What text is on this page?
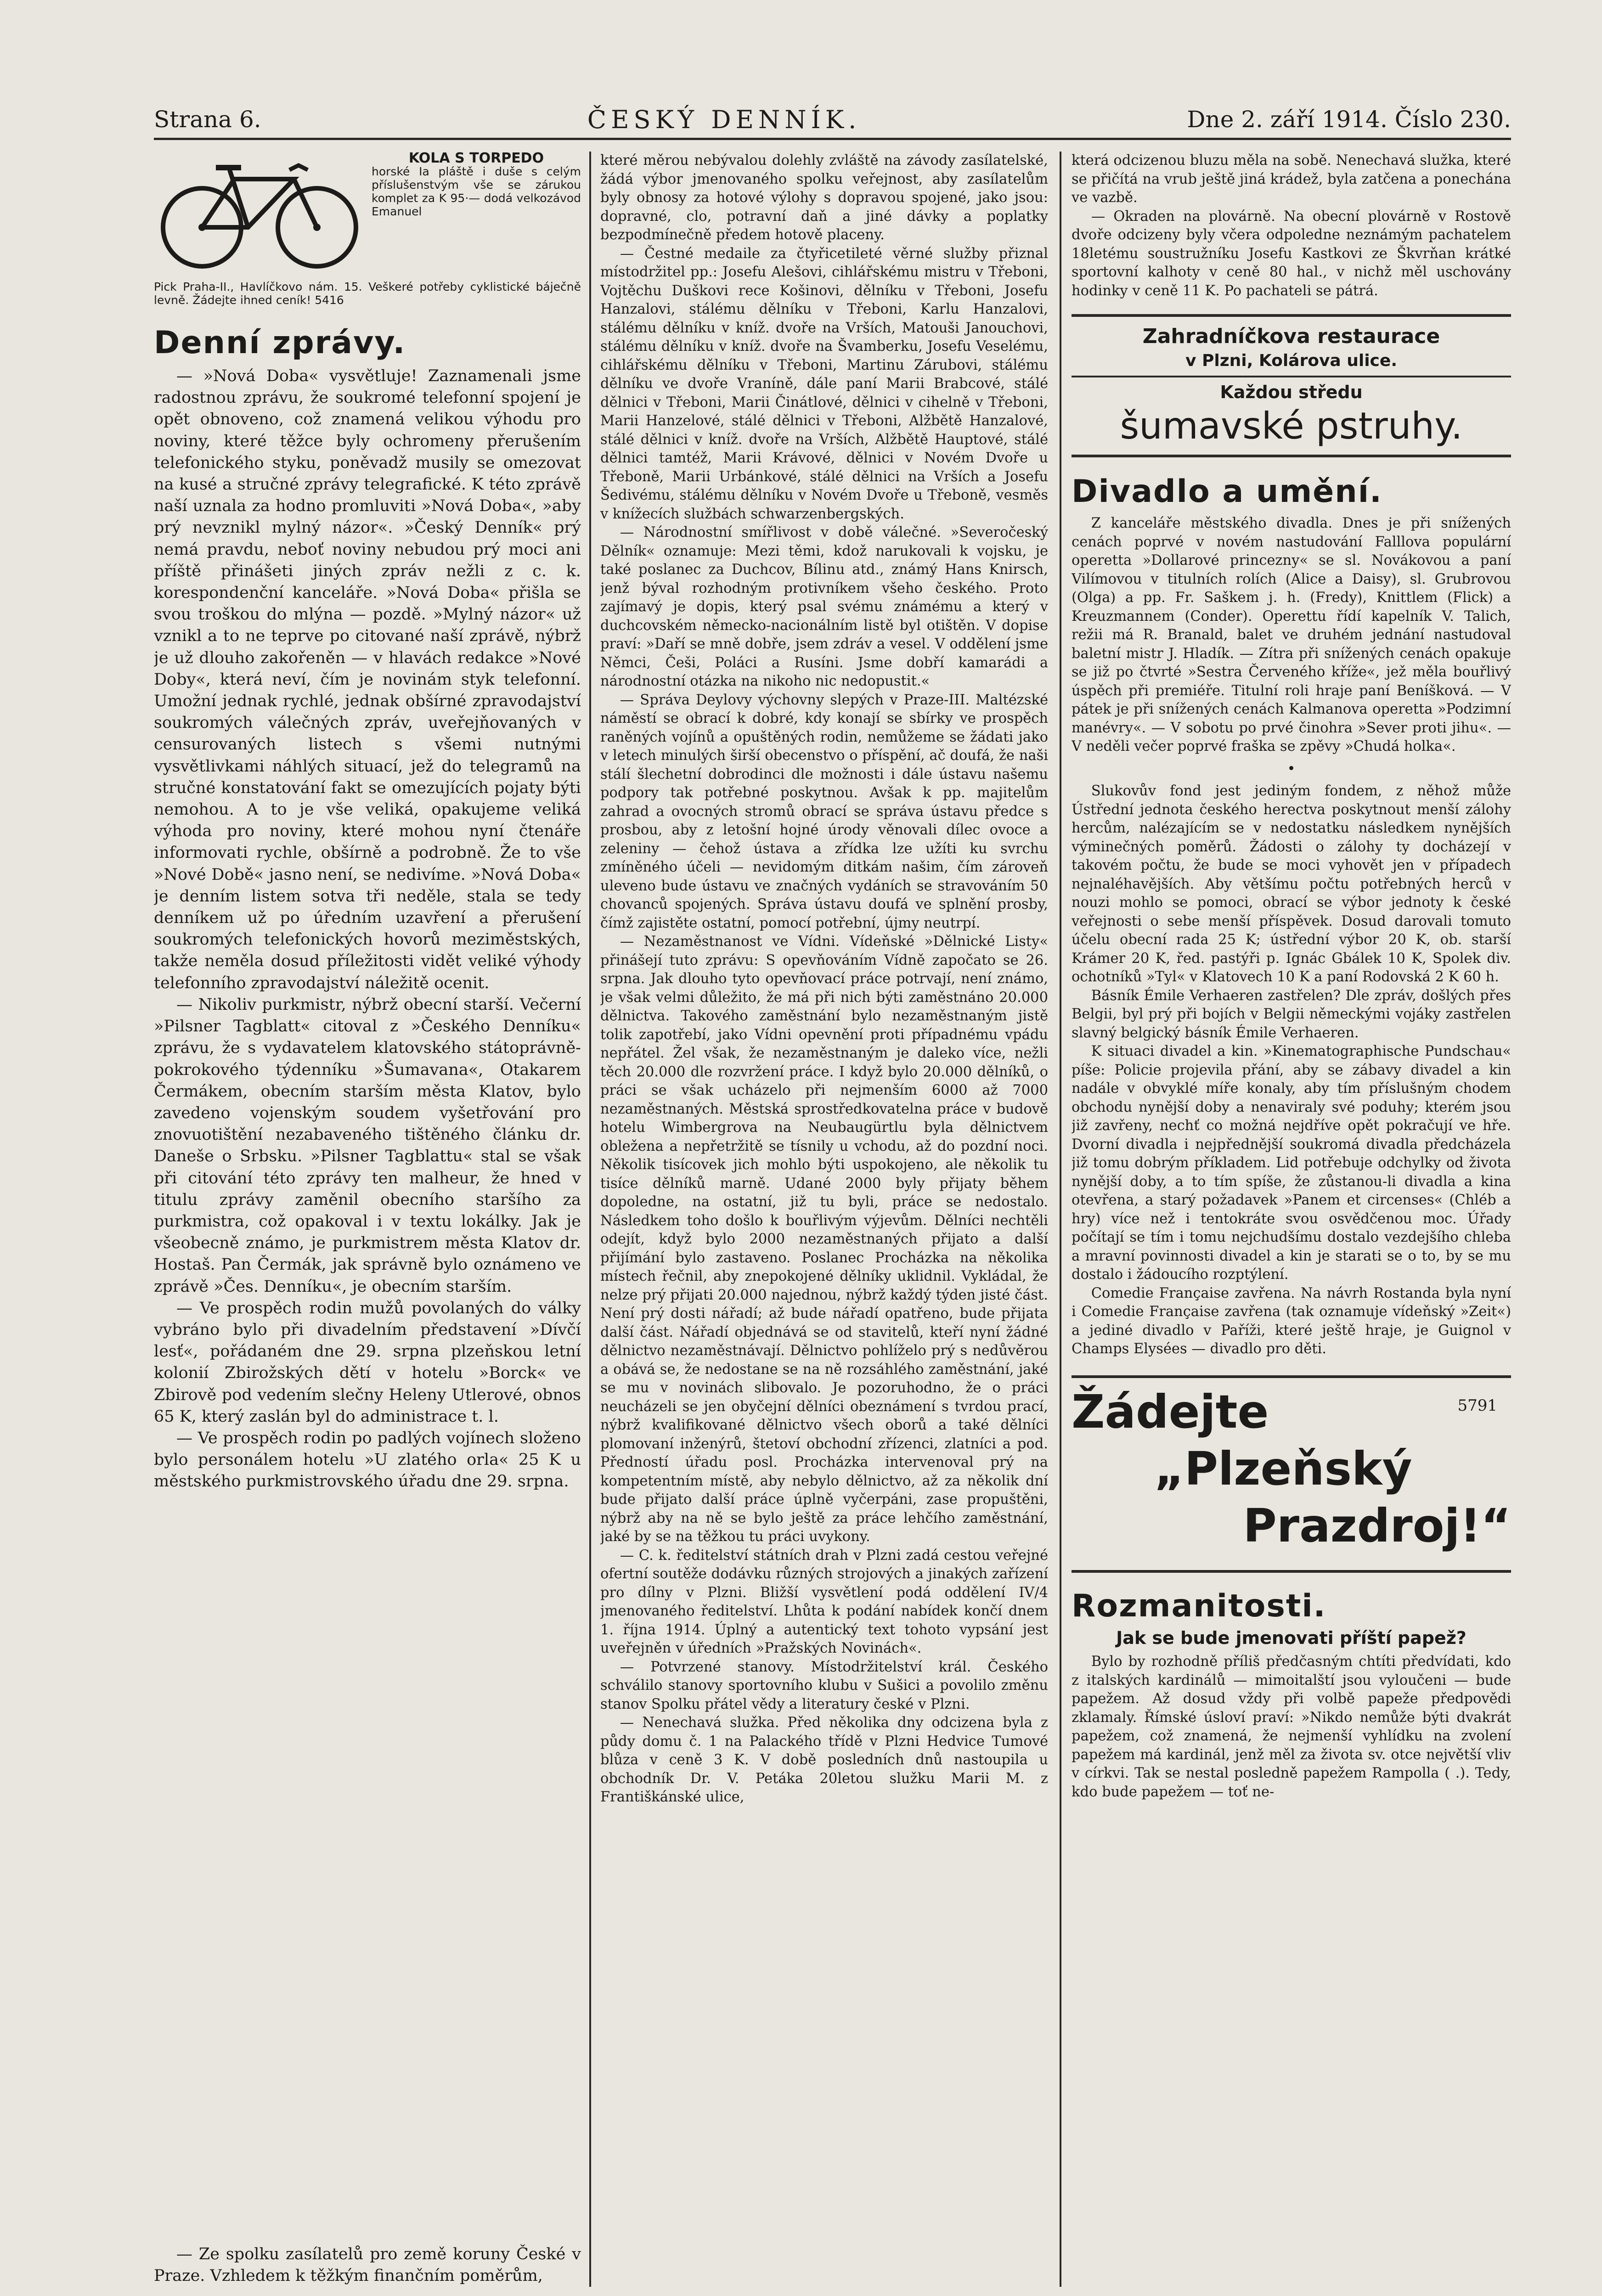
Strana 6.	ČESKÝ DENNÍK.	Dne 2. září 1914. Číslo 230.
KOLA S TORPEDO
horské Ia pláště i duše s celým příslušenstvým vše se zárukou komplet za K 95·— dodá velkozávod Emanuel
Pick Praha-II., Havlíčkovo nám. 15. Veškeré potřeby cyklistické báječně levně. Žádejte ihned ceník! 5416
Denní zprávy.

— »Nová Doba« vysvětluje! Zaznamenali jsme radostnou zprávu, že soukromé telefonní spojení je opět obnoveno, což znamená velikou výhodu pro noviny, které těžce byly ochromeny přerušením telefonického styku, poněvadž musily se omezovat na kusé a stručné zprávy telegrafické. K této zprávě naší uznala za hodno promluviti »Nová Doba«, »aby prý nevznikl mylný názor«. »Český Denník« prý nemá pravdu, neboť noviny nebudou prý moci ani příště přinášeti jiných zpráv nežli z c. k. korespondenční kanceláře. »Nová Doba« přišla se svou troškou do mlýna — pozdě. »Mylný názor« už vznikl a to ne teprve po citované naší zprávě, nýbrž je už dlouho zakořeněn — v hlavách redakce »Nové Doby«, která neví, čím je novinám styk telefonní. Umožní jednak rychlé, jednak obšírné zpravodajství soukromých válečných zpráv, uveřejňovaných v censurovaných listech s všemi nutnými vysvětlivkami náhlých situací, jež do telegramů na stručné konstatování fakt se omezujících pojaty býti nemohou. A to je vše veliká, opakujeme veliká výhoda pro noviny, které mohou nyní čtenáře informovati rychle, obšírně a podrobně. Že to vše »Nové Době« jasno není, se nedivíme. »Nová Doba« je denním listem sotva tři neděle, stala se tedy denníkem už po úředním uzavření a přerušení soukromých telefonických hovorů meziměstských, takže neměla dosud příležitosti vidět veliké výhody telefonního zpravodajství náležitě ocenit.

— Nikoliv purkmistr, nýbrž obecní starší. Večerní »Pilsner Tagblatt« citoval z »Českého Denníku« zprávu, že s vydavatelem klatovského státoprávně-pokrokového týdenníku »Šumavana«, Otakarem Čermákem, obecním starším města Klatov, bylo zavedeno vojenským soudem vyšetřování pro znovuotištění nezabaveného tištěného článku dr. Daneše o Srbsku. »Pilsner Tagblattu« stal se však při citování této zprávy ten malheur, že hned v titulu zprávy zaměnil obecního staršího za purkmistra, což opakoval i v textu lokálky. Jak je všeobecně známo, je purkmistrem města Klatov dr. Hostaš. Pan Čermák, jak správně bylo oznámeno ve zprávě »Čes. Denníku«, je obecním starším.

— Ve prospěch rodin mužů povolaných do války vybráno bylo při divadelním představení »Dívčí lesť«, pořádaném dne 29. srpna plzeňskou letní kolonií Zbirožských dětí v hotelu »Borck« ve Zbirově pod vedením slečny Heleny Utlerové, obnos 65 K, který zaslán byl do administrace t. l.

— Ve prospěch rodin po padlých vojínech složeno bylo personálem hotelu »U zlatého orla« 25 K u městského purkmistrovského úřadu dne 29. srpna.

— Ze spolku zasílatelů pro země koruny České v Praze. Vzhledem k těžkým finančním poměrům,

které měrou nebývalou dolehly zvláště na závody zasílatelské, žádá výbor jmenovaného spolku veřejnost, aby zasílatelům byly obnosy za hotové výlohy s dopravou spojené, jako jsou: dopravné, clo, potravní daň a jiné dávky a poplatky bezpodmínečně předem hotově placeny.

— Čestné medaile za čtyřicetileté věrné služby přiznal místodržitel pp.: Josefu Alešovi, cihlářskému mistru v Třeboni, Vojtěchu Duškovi rece Košinovi, dělníku v Třeboni, Josefu Hanzalovi, stálému dělníku v Třeboni, Karlu Hanzalovi, stálému dělníku v kníž. dvoře na Vrších, Matouši Janouchovi, stálému dělníku v kníž. dvoře na Švamberku, Josefu Veselému, cihlářskému dělníku v Třeboni, Martinu Zárubovi, stálému dělníku ve dvoře Vraníně, dále paní Marii Brabcové, stálé dělnici v Třeboni, Marii Činátlové, dělnici v cihelně v Třeboni, Marii Hanzelové, stálé dělnici v Třeboni, Alžbětě Hanzalové, stálé dělnici v kníž. dvoře na Vrších, Alžbětě Hauptové, stálé dělnici tamtéž, Marii Krávové, dělnici v Novém Dvoře u Třeboně, Marii Urbánkové, stálé dělnici na Vrších a Josefu Šedivému, stálému dělníku v Novém Dvoře u Třeboně, vesměs v knížecích službách schwarzenbergských.

— Národnostní smířlivost v době válečné. »Severočeský Dělník« oznamuje: Mezi těmi, kdož narukovali k vojsku, je také poslanec za Duchcov, Bílinu atd., známý Hans Knirsch, jenž býval rozhodným protivníkem všeho českého. Proto zajímavý je dopis, který psal svému známému a který v duchcovském německo-nacionálním listě byl otištěn. V dopise praví: »Daří se mně dobře, jsem zdráv a vesel. V oddělení jsme Němci, Češi, Poláci a Rusíni. Jsme dobří kamarádi a národnostní otázka na nikoho nic nedopustit.«

— Správa Deylovy výchovny slepých v Praze-III. Maltézské náměstí se obrací k dobré, kdy konají se sbírky ve prospěch raněných vojínů a opuštěných rodin, nemůžeme se žádati jako v letech minulých širší obecenstvo o příspění, ač doufá, že naši stálí šlechetní dobrodinci dle možnosti i dále ústavu našemu podpory tak potřebné poskytnou. Avšak k pp. majitelům zahrad a ovocných stromů obrací se správa ústavu předce s prosbou, aby z letošní hojné úrody věnovali dílec ovoce a zeleniny — čehož ústava a zřídka lze užíti ku svrchu zmíněného účeli — nevidomým ditkám našim, čím zároveň uleveno bude ústavu ve značných vydáních se stravováním 50 chovanců spojených. Správa ústavu doufá ve splnění prosby, čímž zajistěte ostatní, pomocí potřební, újmy neutrpí.

— Nezaměstnanost ve Vídni. Vídeňské »Dělnické Listy« přinášejí tuto zprávu: S opevňováním Vídně započato se 26. srpna. Jak dlouho tyto opevňovací práce potrvají, není známo, je však velmi důležito, že má při nich býti zaměstnáno 20.000 dělnictva. Takového zaměstnání bylo nezaměstnaným jistě tolik zapotřebí, jako Vídni opevnění proti případnému vpádu nepřátel. Žel však, že nezaměstnaným je daleko více, nežli těch 20.000 dle rozvržení práce. I když bylo 20.000 dělníků, o práci se však ucházelo při nejmenším 6000 až 7000 nezaměstnaných. Městská sprostředkovatelna práce v budově hotelu Wimbergrova na Neubaugürtlu byla dělnictvem obležena a nepřetržitě se tísnily u vchodu, až do pozdní noci. Několik tisícovek jich mohlo býti uspokojeno, ale několik tu tisíce dělníků marně. Udané 2000 byly přijaty během dopoledne, na ostatní, již tu byli, práce se nedostalo. Následkem toho došlo k bouřlivým výjevům. Dělníci nechtěli odejít, když bylo 2000 nezaměstnaných přijato a další přijímání bylo zastaveno. Poslanec Procházka na několika místech řečnil, aby znepokojené dělníky uklidnil. Vykládal, že nelze prý přijati 20.000 najednou, nýbrž každý týden jisté část. Není prý dosti nářadí; až bude nářadí opatřeno, bude přijata další část. Nářadí objednává se od stavitelů, kteří nyní žádné dělnictvo nezaměstnávají. Dělnictvo pohlíželo prý s nedůvěrou a obává se, že nedostane se na ně rozsáhlého zaměstnání, jaké se mu v novinách slibovalo. Je pozoruhodno, že o práci neucházeli se jen obyčejní dělníci obeznámení s tvrdou prací, nýbrž kvalifikované dělnictvo všech oborů a také dělníci plomovaní inženýrů, štetoví obchodní zřízenci, zlatníci a pod. Předností úřadu posl. Procházka intervenoval prý na kompetentním místě, aby nebylo dělnictvo, až za několik dní bude přijato další práce úplně vyčerpáni, zase propuštěni, nýbrž aby na ně se bylo ještě za práce lehčího zaměstnání, jaké by se na těžkou tu práci uvykony.

— C. k. ředitelství státních drah v Plzni zadá cestou veřejné ofertní soutěže dodávku různých strojových a jinakých zařízení pro dílny v Plzni. Bližší vysvětlení podá oddělení IV/4 jmenovaného ředitelství. Lhůta k podání nabídek končí dnem 1. října 1914. Úplný a autentický text tohoto vypsání jest uveřejněn v úředních »Pražských Novinách«.

— Potvrzené stanovy. Místodržitelství král. Českého schválilo stanovy sportovního klubu v Sušici a povolilo změnu stanov Spolku přátel vědy a literatury české v Plzni.

— Nenechavá služka. Před několika dny odcizena byla z půdy domu č. 1 na Palackého třídě v Plzni Hedvice Tumové blůza v ceně 3 K. V době posledních dnů nastoupila u obchodník Dr. V. Petáka 20letou služku Marii M. z Františkánské ulice,

která odcizenou bluzu měla na sobě. Nenechavá služka, které se přičítá na vrub ještě jiná krádež, byla zatčena a ponechána ve vazbě.

— Okraden na plovárně. Na obecní plovárně v Rostově dvoře odcizeny byly včera odpoledne neznámým pachatelem 18letému soustružníku Josefu Kastkovi ze Škvrňan krátké sportovní kalhoty v ceně 80 hal., v nichž měl uschovány hodinky v ceně 11 K. Po pachateli se pátrá.

Zahradníčkova restaurace
v Plzni, Kolárova ulice.
Každou středu
šumavské pstruhy.
Divadlo a umění.

Z kanceláře městského divadla. Dnes je při snížených cenách poprvé v novém nastudování Falllova populární operetta »Dollarové princezny« se sl. Novákovou a paní Vilímovou v titulních rolích (Alice a Daisy), sl. Grubrovou (Olga) a pp. Fr. Saškem j. h. (Fredy), Knittlem (Flick) a Kreuzmannem (Conder). Operettu řídí kapelník V. Talich, režii má R. Branald, balet ve druhém jednání nastudoval baletní mistr J. Hladík. — Zítra při snížených cenách opakuje se již po čtvrté »Sestra Červeného kříže«, jež měla bouřlivý úspěch při premiéře. Titulní roli hraje paní Beníšková. — V pátek je při snížených cenách Kalmanova operetta »Podzimní manévry«. — V sobotu po prvé činohra »Sever proti jihu«. — V neděli večer poprvé fraška se zpěvy »Chudá holka«.

•

Slukovův fond jest jediným fondem, z něhož může Ústřední jednota českého herectva poskytnout menší zálohy hercům, nalézajícím se v nedostatku následkem nynějších výminečných poměrů. Žádosti o zálohy ty docházejí v takovém počtu, že bude se moci vyhovět jen v případech nejnaléhavějších. Aby většímu počtu potřebných herců v nouzi mohlo se pomoci, obrací se výbor jednoty k české veřejnosti o sebe menší příspěvek. Dosud darovali tomuto účelu obecní rada 25 K; ústřední výbor 20 K, ob. starší Krámer 20 K, řed. pastýři p. Ignác Gbálek 10 K, Spolek div. ochotníků »Tyl« v Klatovech 10 K a paní Rodovská 2 K 60 h.

Básník Émile Verhaeren zastřelen? Dle zpráv, došlých přes Belgii, byl prý při bojích v Belgii německými vojáky zastřelen slavný belgický básník Émile Verhaeren.

K situaci divadel a kin. »Kinematographische Pundschau« píše: Policie projevila přání, aby se zábavy divadel a kin nadále v obvyklé míře konaly, aby tím příslušným chodem obchodu nynější doby a nenaviraly své poduhy; kterém jsou již zavřeny, nechť co možná nejdříve opět pokračují ve hře. Dvorní divadla i nejpřednější soukromá divadla předcházela již tomu dobrým příkladem. Lid potřebuje odchylky od života nynější doby, a to tím spíše, že zůstanou-li divadla a kina otevřena, a starý požadavek »Panem et circenses« (Chléb a hry) více než i tentokráte svou osvědčenou moc. Úřady počítají se tím i tomu nejchudšímu dostalo vezdejšího chleba a mravní povinnosti divadel a kin je starati se o to, by se mu dostalo i žádoucího rozptýlení.

Comedie Française zavřena. Na návrh Rostanda byla nyní i Comedie Française zavřena (tak oznamuje vídeňský »Zeit«) a jediné divadlo v Paříži, které ještě hraje, je Guignol v Champs Elysées — divadlo pro děti.

5791
Žádejte
„Plzeňský
Prazdroj!“
Rozmanitosti.
Jak se bude jmenovati příští papež?

Bylo by rozhodně příliš předčasným chtíti předvídati, kdo z italských kardinálů — mimoitalští jsou vyloučeni — bude papežem. Až dosud vždy při volbě papeže předpovědi zklamaly. Římské úsloví praví: »Nikdo nemůže býti dvakrát papežem, což znamená, že nejmenší vyhlídku na zvolení papežem má kardinál, jenž měl za života sv. otce největší vliv v církvi. Tak se nestal posledně papežem Rampolla ( .). Tedy, kdo bude papežem — toť ne-
